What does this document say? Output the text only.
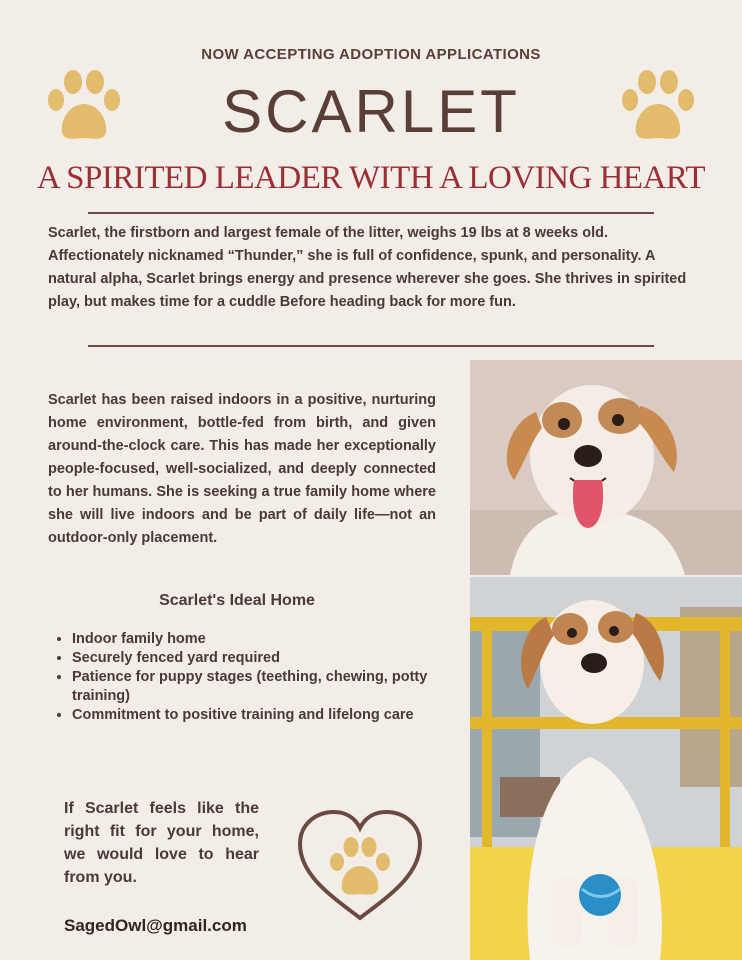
NOW ACCEPTING ADOPTION APPLICATIONS
SCARLET
A SPIRITED LEADER WITH A LOVING HEART
Scarlet, the firstborn and largest female of the litter, weighs 19 lbs at 8 weeks old. Affectionately nicknamed “Thunder,” she is full of confidence, spunk, and personality. A natural alpha, Scarlet brings energy and presence wherever she goes. She thrives in spirited play, but makes time for a cuddle Before heading back for more fun.
Scarlet has been raised indoors in a positive, nurturing home environment, bottle-fed from birth, and given around-the-clock care. This has made her exceptionally people-focused, well-socialized, and deeply connected to her humans. She is seeking a true family home where she will live indoors and be part of daily life—not an outdoor-only placement.
Scarlet's Ideal Home
• Indoor family home
• Securely fenced yard required
• Patience for puppy stages (teething, chewing, potty training)
• Commitment to positive training and lifelong care
If Scarlet feels like the right fit for your home, we would love to hear from you.
SagedOwl@gmail.com
